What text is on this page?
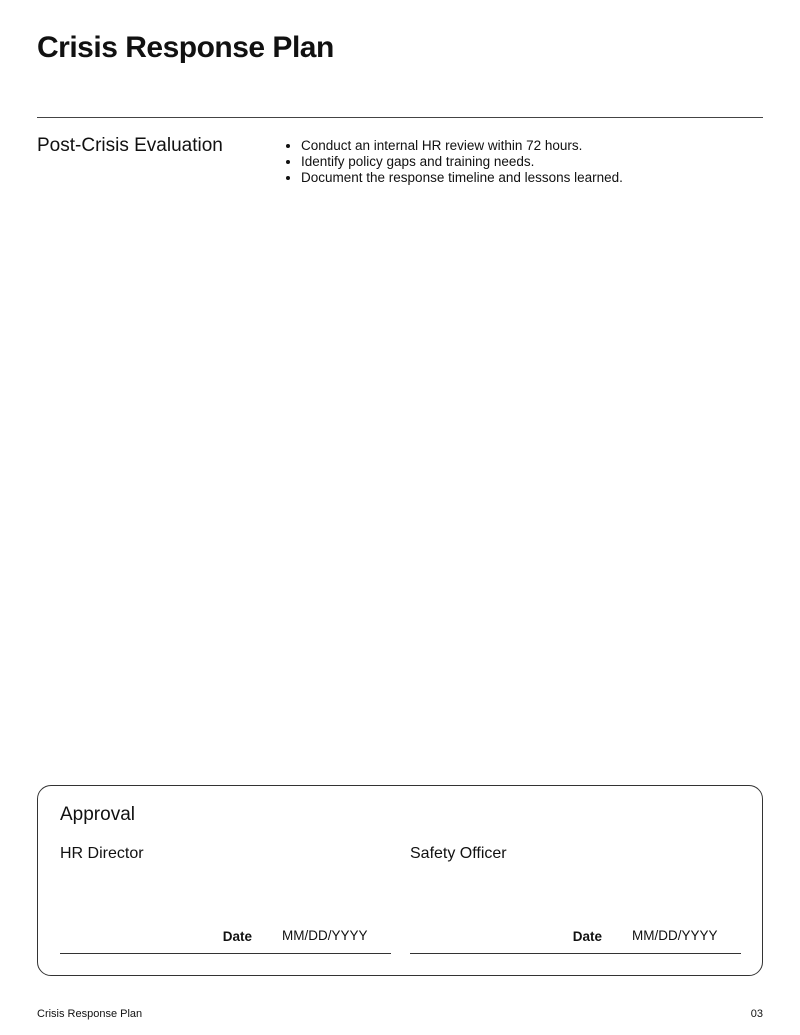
Crisis Response Plan
Post-Crisis Evaluation
•	Conduct an internal HR review within 72 hours.
• Identify policy gaps and training needs.
• Document the response timeline and lessons learned.
Approval
HR Director
Date MM/DD/YYYY
Safety Officer
Date MM/DD/YYYY
Crisis Response Plan	03
